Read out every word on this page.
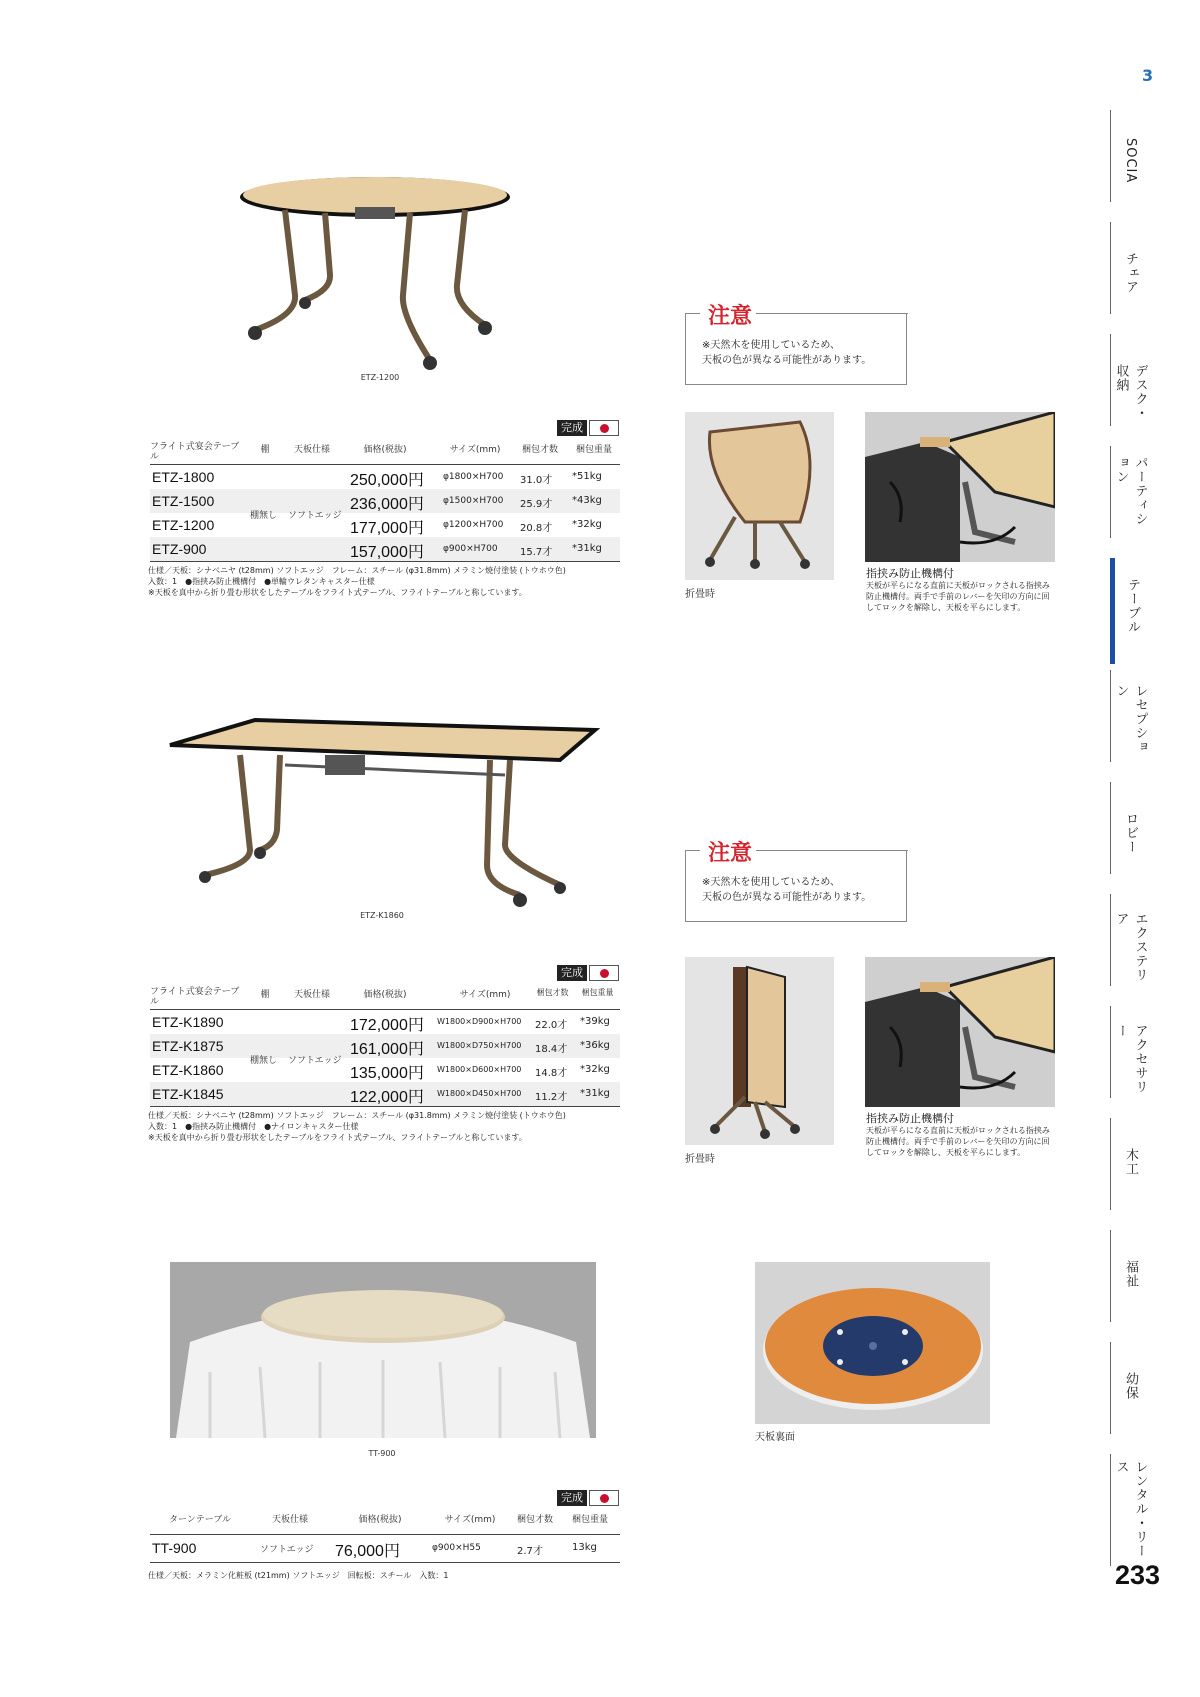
3
SOCIA
チェア
デスク・収納
パーティション
テーブル
レセプション
ロビー
エクステリア
アクセサリー
木工
福祉
幼保
レンタル・リース
233
ETZ-1200
完成
フライト式宴会テーブル
棚	天板仕様	価格(税抜)	サイズ(mm)	梱包才数	梱包重量
ETZ-1800	250,000円 φ1800×H700 31.0才 *51kg
ETZ-1500	236,000円 φ1500×H700 25.9才 *43kg
ETZ-1200	177,000円 φ1200×H700 20.8才 *32kg
ETZ-900	157,000円 φ900×H700 15.7才 *31kg
棚無し ソフトエッジ
仕様／天板：シナベニヤ (t28mm) ソフトエッジ　フレーム：スチール (φ31.8mm) メラミン焼付塗装 (トウホウ色)
入数：1　●指挟み防止機構付　●単輪ウレタンキャスター仕様
※天板を真中から折り畳む形状をしたテーブルをフライト式テーブル、フライトテーブルと称しています。
注意
※天然木を使用しているため、
天板の色が異なる可能性があります。
折畳時
指挟み防止機構付
天板が平らになる直前に天板がロックされる指挟み防止機構付。両手で手前のレバーを矢印の方向に回してロックを解除し、天板を平らにします。
ETZ-K1860
完成
フライト式宴会テーブル
棚	天板仕様	価格(税抜)	サイズ(mm)	梱包才数	梱包重量
ETZ-K1890	172,000円 W1800×D900×H700 22.0才 *39kg
ETZ-K1875	161,000円 W1800×D750×H700 18.4才 *36kg
ETZ-K1860	135,000円 W1800×D600×H700 14.8才 *32kg
ETZ-K1845	122,000円 W1800×D450×H700 11.2才 *31kg
棚無し ソフトエッジ
仕様／天板：シナベニヤ (t28mm) ソフトエッジ　フレーム：スチール (φ31.8mm) メラミン焼付塗装 (トウホウ色)
入数：1　●指挟み防止機構付　●ナイロンキャスター仕様
※天板を真中から折り畳む形状をしたテーブルをフライト式テーブル、フライトテーブルと称しています。
注意
※天然木を使用しているため、
天板の色が異なる可能性があります。
折畳時
指挟み防止機構付
天板が平らになる直前に天板がロックされる指挟み防止機構付。両手で手前のレバーを矢印の方向に回してロックを解除し、天板を平らにします。
TT-900
天板裏面
完成
ターンテーブル	天板仕様	価格(税抜)	サイズ(mm)	梱包才数	梱包重量
TT-900	ソフトエッジ 76,000円	φ900×H55	2.7才	13kg
仕様／天板：メラミン化粧板 (t21mm) ソフトエッジ　回転板：スチール　入数：1
